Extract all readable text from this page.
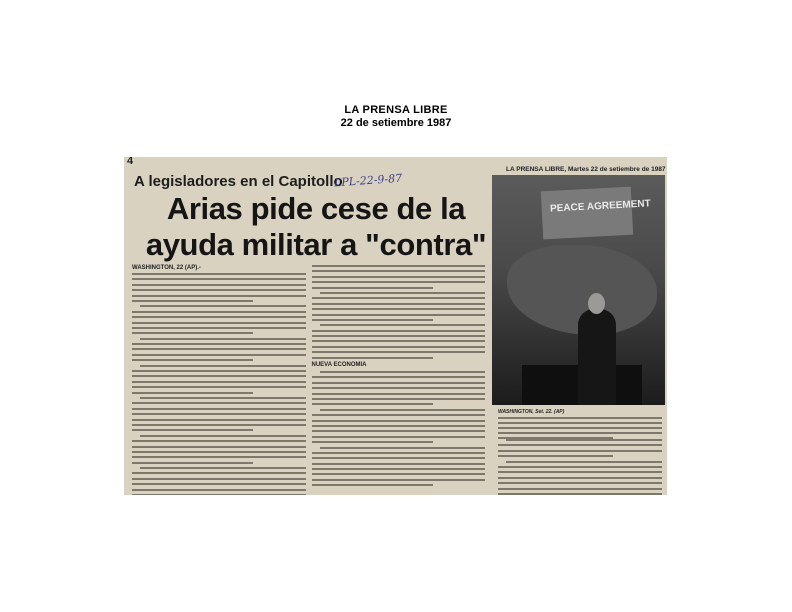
LA PRENSA LIBRE
22 de setiembre 1987
4
A legisladores en el Capitollo
LPL-22-9-87
Arias pide cese de la
ayuda militar a "contra"
WASHINGTON, 22 (AP).-
NUEVA ECONOMIA
LA PRENSA LIBRE, Martes 22 de setiembre de 1987
PEACE AGREEMENT
WASHINGTON, Set. 22. (AP)
